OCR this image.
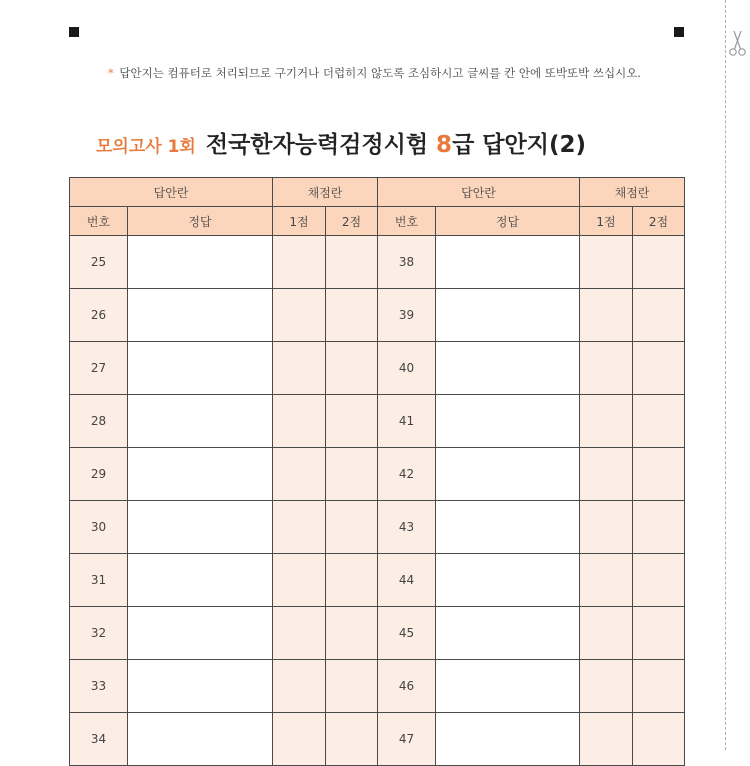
* 답안지는 컴퓨터로 처리되므로 구기거나 더럽히지 않도록 조심하시고 글씨를 칸 안에 또박또박 쓰십시오.
모의고사 1회 전국한자능력검정시험 8급 답안지(2)
답안란		채점란		답안란		채점란	
번호	정답	1점	2점	번호	정답	1점	2점
25				38			
26				39			
27				40			
28				41			
29				42			
30				43			
31				44			
32				45			
33				46			
34				47			
